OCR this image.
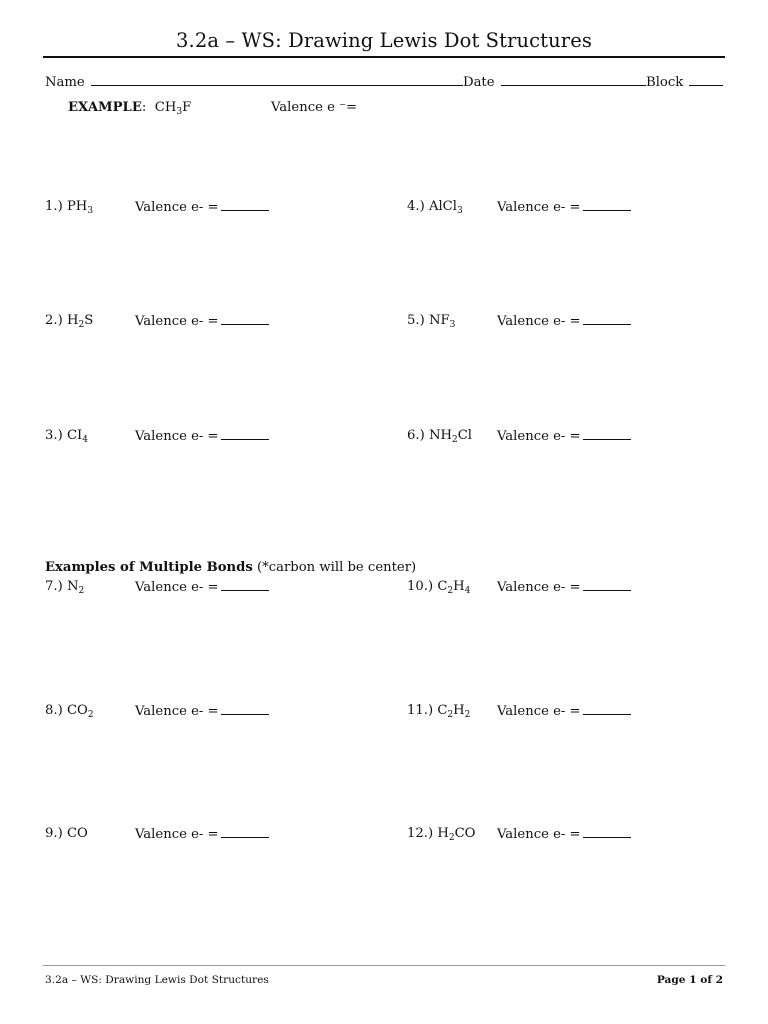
3.2a – WS: Drawing Lewis Dot Structures
Name	Date	Block
EXAMPLE: $CH_3F$	Valence e ⁻=
1.) $PH_3$	Valence e- =	4.) AlCl$_3$	Valence e- =
2.) $H_2S$	Valence e- =	5.) $NF_3$	Valence e- =
3.) $CI_4$	Valence e- =	6.) $NH_2Cl$ Valence e- =
Examples of Multiple Bonds (*carbon will be center)
7.) $N_2$	Valence e- =	10.) $C_2H_4$ Valence e- =
8.) $CO_2$	Valence e- =	11.) $C_2H_2$ Valence e- =
9.) CO	Valence e- =	12.) $H_2CO$ Valence e- =
3.2a – WS: Drawing Lewis Dot Structures	Page 1 of 2
